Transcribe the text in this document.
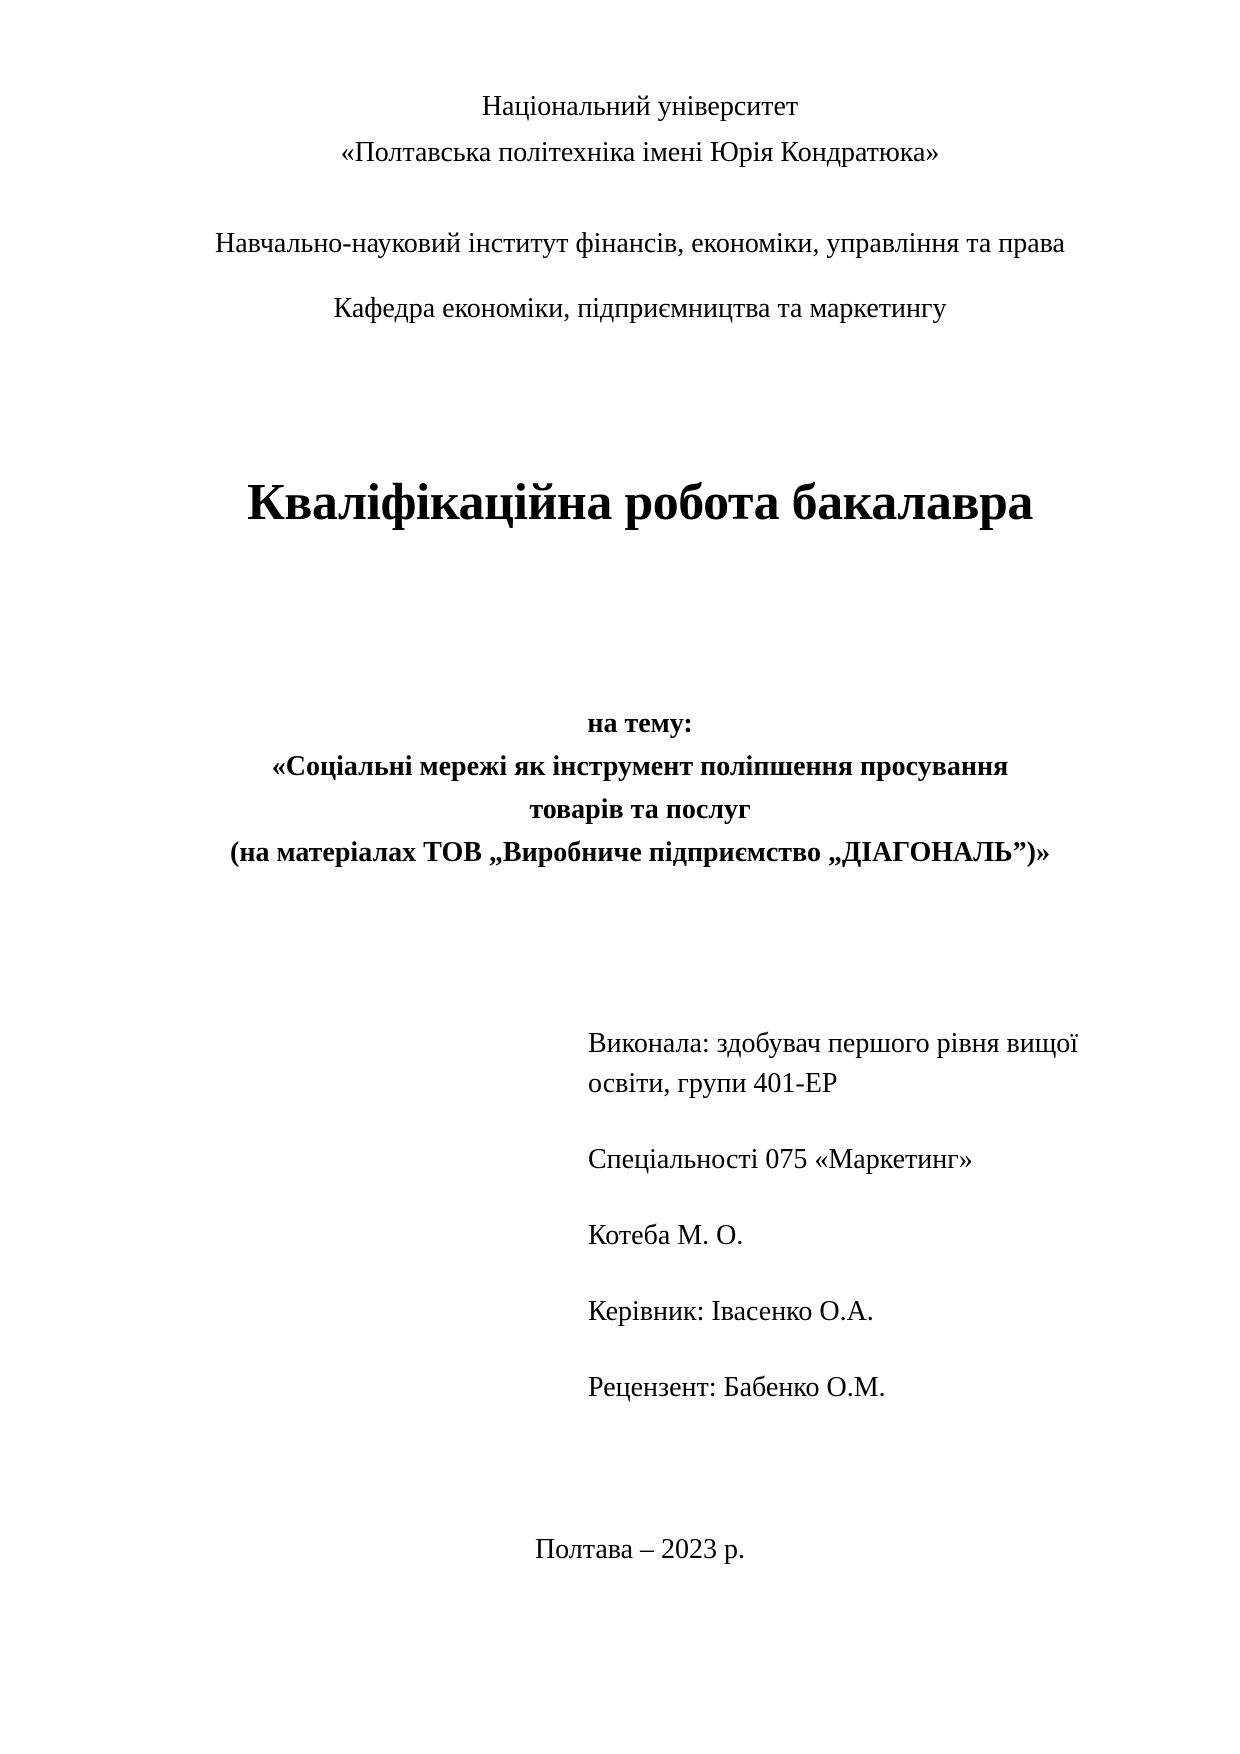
Національний університет
«Полтавська політехніка імені Юрія Кондратюка»
Навчально-науковий інститут фінансів, економіки, управління та права
Кафедра економіки, підприємництва та маркетингу
Кваліфікаційна робота бакалавра
на тему:
«Соціальні мережі як інструмент поліпшення просування
товарів та послуг
(на матеріалах ТОВ „Виробниче підприємство „ДІАГОНАЛЬ”)»

Виконала: здобувач першого рівня вищої освіти, групи 401-ЕР

Спеціальності 075 «Маркетинг»

Котеба М. О.

Керівник: Івасенко О.А.

Рецензент: Бабенко О.М.

Полтава – 2023 р.
